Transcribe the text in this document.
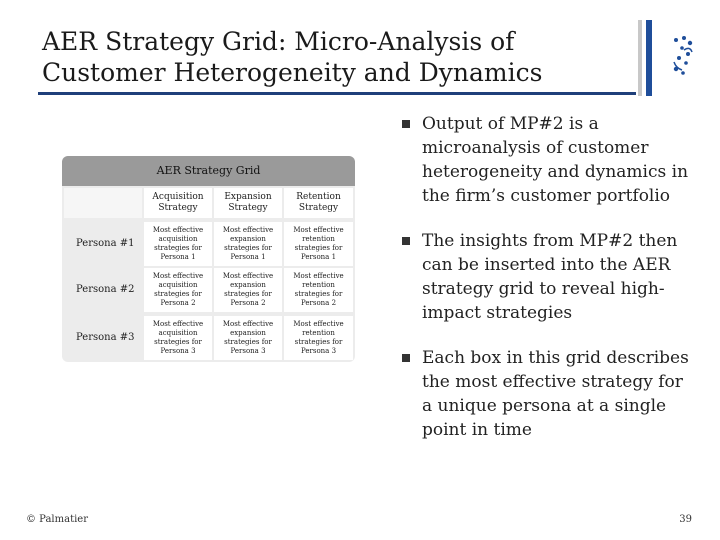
AER Strategy Grid: Micro-Analysis of Customer Heterogeneity and Dynamics
Output of MP#2 is a microanalysis of customer heterogeneity and dynamics in the firm’s customer portfolio
The insights from MP#2 then can be inserted into the AER strategy grid to reveal high-impact strategies
Each box in this grid describes the most effective strategy for a unique persona at a single point in time
AER Strategy Grid
Acquisition Strategy
Expansion Strategy
Retention Strategy
Persona #1
Most effective acquisition strategies for Persona 1
Most effective expansion strategies for Persona 1
Most effective retention strategies for Persona 1
Persona #2
Most effective acquisition strategies for Persona 2
Most effective expansion strategies for Persona 2
Most effective retention strategies for Persona 2
Persona #3
Most effective acquisition strategies for Persona 3
Most effective expansion strategies for Persona 3
Most effective retention strategies for Persona 3
© Palmatier	39
